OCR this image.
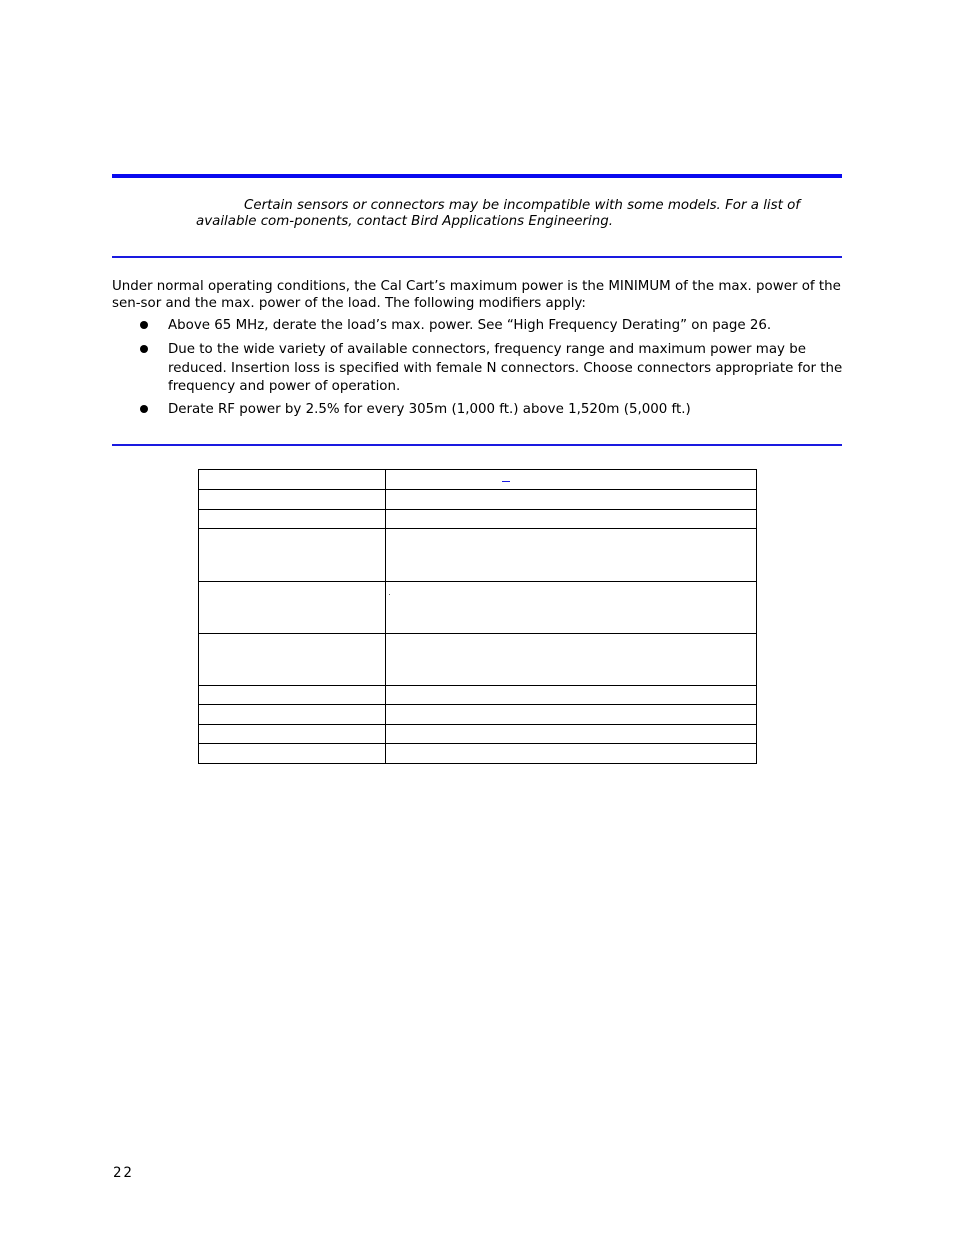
Certain sensors or connectors may be incompatible with some models. For a list of available com-ponents, contact Bird Applications Engineering.
Under normal operating conditions, the Cal Cart’s maximum power is the MINIMUM of the max. power of the sen-sor and the max. power of the load. The following modifiers apply:
Above 65 MHz, derate the load’s max. power. See “High Frequency Derating” on page 26.
Due to the wide variety of available connectors, frequency range and maximum power may be reduced. Insertion loss is specified with female N connectors. Choose connectors appropriate for the frequency and power of operation.
Derate RF power by 2.5% for every 305m (1,000 ft.) above 1,520m (5,000 ft.)

22
